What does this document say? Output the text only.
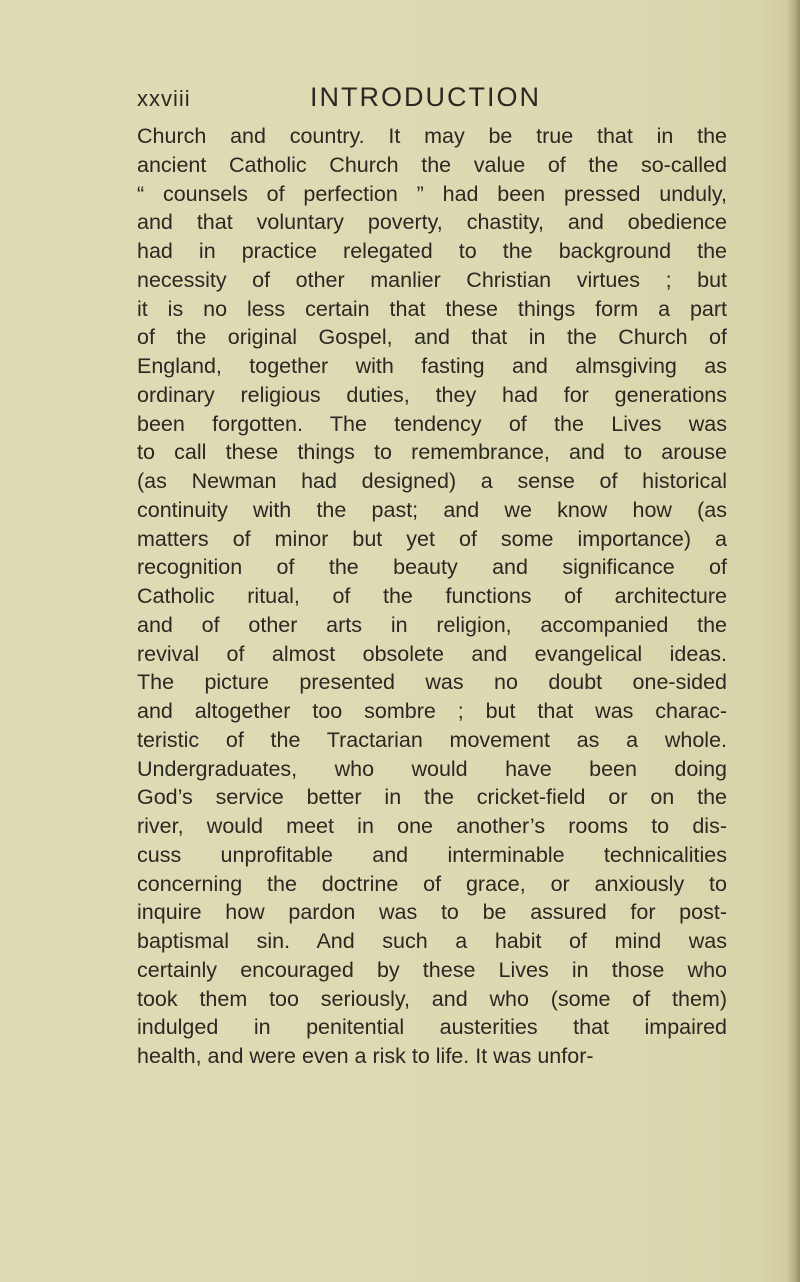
xxviii	INTRODUCTION
Church and country. It may be true that in the
ancient Catholic Church the value of the so-called
“ counsels of perfection ” had been pressed unduly,
and that voluntary poverty, chastity, and obedience
had in practice relegated to the background the
necessity of other manlier Christian virtues ; but
it is no less certain that these things form a part
of the original Gospel, and that in the Church of
England, together with fasting and almsgiving as
ordinary religious duties, they had for generations
been forgotten. The tendency of the Lives was
to call these things to remembrance, and to arouse
(as Newman had designed) a sense of historical
continuity with the past; and we know how (as
matters of minor but yet of some importance) a
recognition of the beauty and significance of
Catholic ritual, of the functions of architecture
and of other arts in religion, accompanied the
revival of almost obsolete and evangelical ideas.
The picture presented was no doubt one-sided
and altogether too sombre ; but that was charac-
teristic of the Tractarian movement as a whole.
Undergraduates, who would have been doing
God’s service better in the cricket-field or on the
river, would meet in one another’s rooms to dis-
cuss unprofitable and interminable technicalities
concerning the doctrine of grace, or anxiously to
inquire how pardon was to be assured for post-
baptismal sin. And such a habit of mind was
certainly encouraged by these Lives in those who
took them too seriously, and who (some of them)
indulged in penitential austerities that impaired
health, and were even a risk to life. It was unfor-
